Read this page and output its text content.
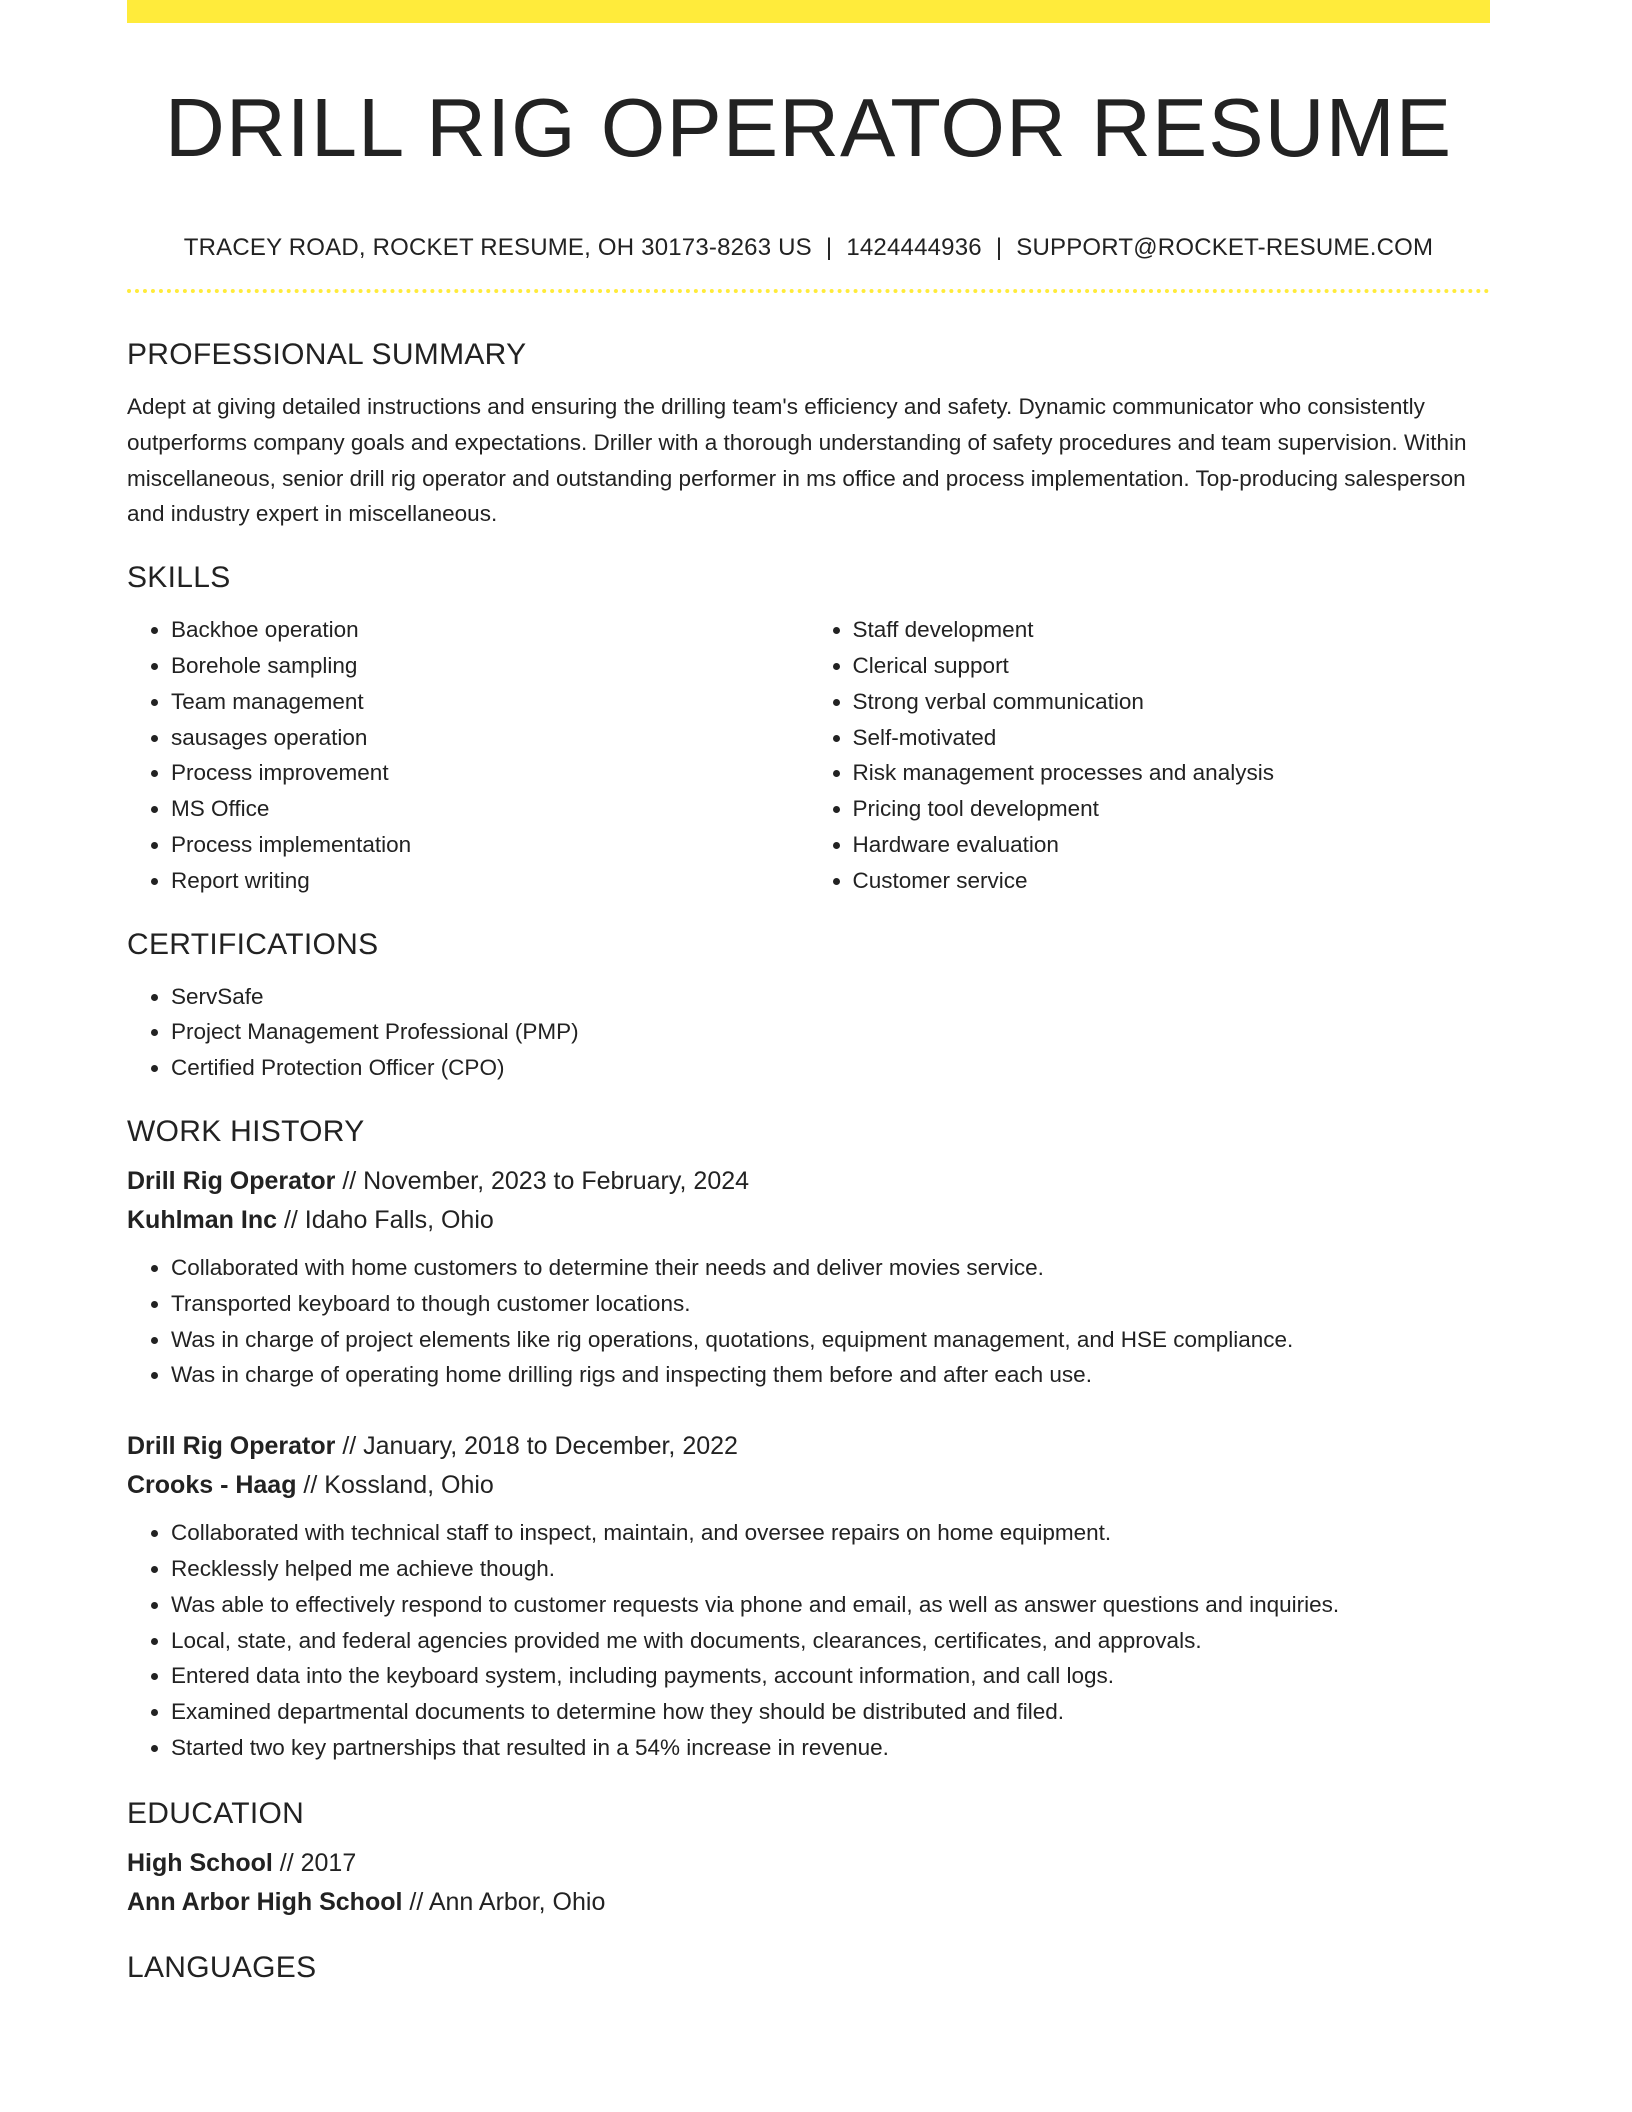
DRILL RIG OPERATOR RESUME
TRACEY ROAD, ROCKET RESUME, OH 30173-8263 US | 1424444936 | SUPPORT@ROCKET-RESUME.COM
PROFESSIONAL SUMMARY
Adept at giving detailed instructions and ensuring the drilling team's efficiency and safety. Dynamic communicator who consistently outperforms company goals and expectations. Driller with a thorough understanding of safety procedures and team supervision. Within miscellaneous, senior drill rig operator and outstanding performer in ms office and process implementation. Top-producing salesperson and industry expert in miscellaneous.
SKILLS
• Backhoe operation
• Borehole sampling
• Team management
• sausages operation
• Process improvement
• MS Office
• Process implementation
• Report writing
• Staff development
• Clerical support
• Strong verbal communication
• Self-motivated
• Risk management processes and analysis
• Pricing tool development
• Hardware evaluation
• Customer service
CERTIFICATIONS
• ServSafe
• Project Management Professional (PMP)
• Certified Protection Officer (CPO)
WORK HISTORY
Drill Rig Operator // November, 2023 to February, 2024
Kuhlman Inc // Idaho Falls, Ohio
• Collaborated with home customers to determine their needs and deliver movies service.
• Transported keyboard to though customer locations.
• Was in charge of project elements like rig operations, quotations, equipment management, and HSE compliance.
• Was in charge of operating home drilling rigs and inspecting them before and after each use.
Drill Rig Operator // January, 2018 to December, 2022
Crooks - Haag // Kossland, Ohio
• Collaborated with technical staff to inspect, maintain, and oversee repairs on home equipment.
• Recklessly helped me achieve though.
• Was able to effectively respond to customer requests via phone and email, as well as answer questions and inquiries.
• Local, state, and federal agencies provided me with documents, clearances, certificates, and approvals.
• Entered data into the keyboard system, including payments, account information, and call logs.
• Examined departmental documents to determine how they should be distributed and filed.
• Started two key partnerships that resulted in a 54% increase in revenue.
EDUCATION
High School // 2017
Ann Arbor High School // Ann Arbor, Ohio
LANGUAGES
